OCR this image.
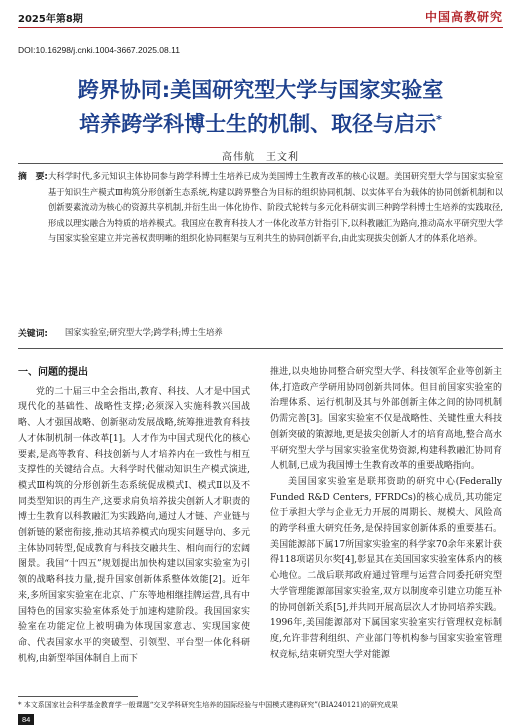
2025年第8期	中国高教研究
DOI:10.16298/j.cnki.1004-3667.2025.08.11
跨界协同:美国研究型大学与国家实验室
培养跨学科博士生的机制、取径与启示*
高伟航　王文利
摘　要: 大科学时代,多元知识主体协同参与跨学科博士生培养已成为美国博士生教育改革的核心议题。美国研究型大学与国家实验室基于知识生产模式Ⅲ构筑分形创新生态系统,构建以跨界整合为目标的组织协同机制、以实体平台为载体的协同创新机制和以创新要素流动为核心的资源共享机制,并衍生出一体化协作、阶段式轮转与多元化科研实训三种跨学科博士生培养的实践取径,形成以理实融合为特质的培养模式。我国应在教育科技人才一体化改革方针指引下,以科教融汇为路向,推动高水平研究型大学与国家实验室建立并完善权责明晰的组织化协同框架与互利共生的协同创新平台,由此实现拔尖创新人才的体系化培养。
关键词: 国家实验室;研究型大学;跨学科;博士生培养

一、问题的提出

党的二十届三中全会指出,教育、科技、人才是中国式现代化的基础性、战略性支撑;必须深入实施科教兴国战略、人才强国战略、创新驱动发展战略,统筹推进教育科技人才体制机制一体改革[1]。人才作为中国式现代化的核心要素,是高等教育、科技创新与人才培养内在一致性与相互支撑性的关键结合点。大科学时代催动知识生产模式演进,模式Ⅲ构筑的分形创新生态系统促成模式Ⅰ、模式Ⅱ以及不同类型知识的再生产,这要求肩负培养拔尖创新人才职责的博士生教育以科教融汇为实践路向,通过人才链、产业链与创新链的紧密衔接,推动其培养模式向现实问题导向、多元主体协同转型,促成教育与科技交融共生、相向而行的宏阔图景。我国“十四五”规划提出加快构建以国家实验室为引领的战略科技力量,提升国家创新体系整体效能[2]。近年来,多所国家实验室在北京、广东等地相继挂牌运营,具有中国特色的国家实验室体系处于加速构建阶段。我国国家实验室在功能定位上被明确为体现国家意志、实现国家使命、代表国家水平的突破型、引领型、平台型一体化科研机构,由新型举国体制自上而下

推进,以央地协同整合研究型大学、科技领军企业等创新主体,打造政产学研用协同创新共同体。但目前国家实验室的治理体系、运行机制及其与外部创新主体之间的协同机制仍需完善[3]。国家实验室不仅是战略性、关键性重大科技创新突破的策源地,更是拔尖创新人才的培育高地,整合高水平研究型大学与国家实验室优势资源,构建科教融汇协同育人机制,已成为我国博士生教育改革的重要战略指向。

美国国家实验室是联邦资助的研究中心(Federally Funded R&D Centers, FFRDCs)的核心成员,其功能定位于承担大学与企业无力开展的周期长、规模大、风险高的跨学科重大研究任务,是保持国家创新体系的重要基石。美国能源部下属17所国家实验室的科学家70余年来累计获得118项诺贝尔奖[4],彰显其在美国国家实验室体系内的核心地位。二战后联邦政府通过管理与运营合同委托研究型大学管理能源部国家实验室,双方以制度牵引建立功能互补的协同创新关系[5],并共同开展高层次人才协同培养实践。1996年,美国能源部对下属国家实验室实行管理权竞标制度,允许非营利组织、产业部门等机构参与国家实验室管理权竞标,结束研究型大学对能源

* 本文系国家社会科学基金教育学一般课题“交叉学科研究生培养的国际经验与中国模式建构研究”(BIA240121)的研究成果
84
